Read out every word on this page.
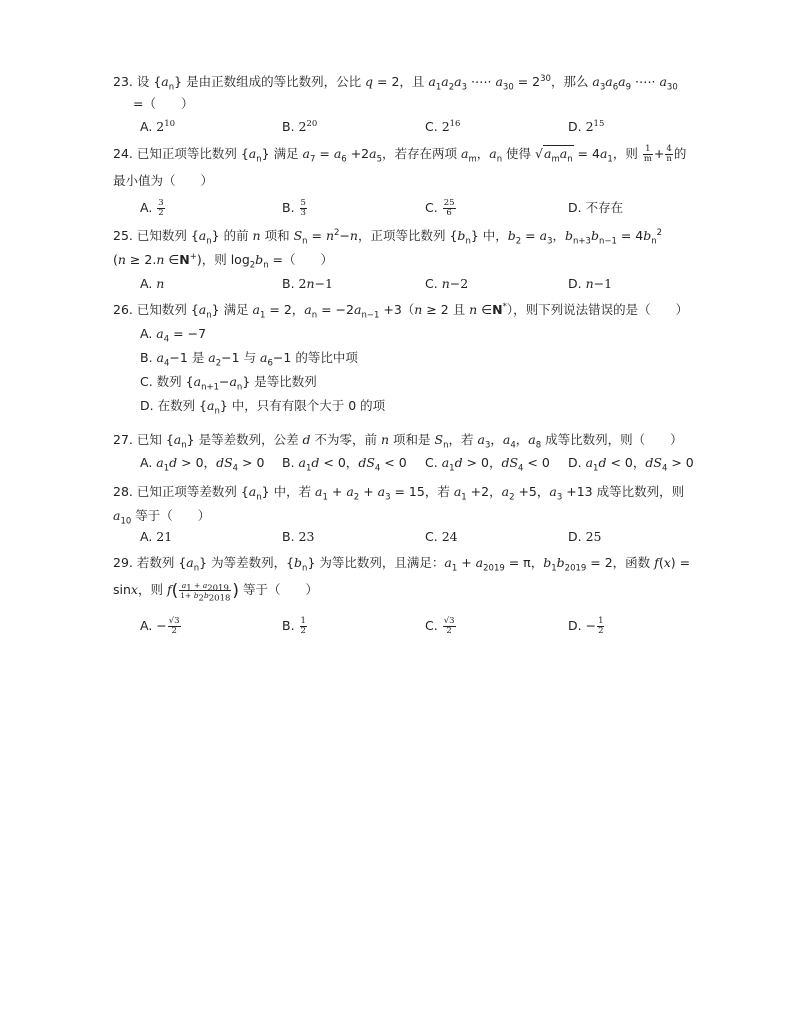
23. 设 $\{a_n\}$ 是由正数组成的等比数列，公比 q = 2，且 $a_1a_2a_3$ ·⋯· $a_{30} = 2^{30}$，那么 $a_3a_6a_9$ ·⋯· $a_{30}$
=（　　）
A. $2^{10}$	B. $2^{20}$	C. $2^{16}$	D. $2^{15}$
24. 已知正项等比数列 $\{a_n\}$ 满足 $a_7 = a_6 +2a_5$，若存在两项 $a_m$，$a_n$ 使得 $√a_ma_n = 4a_1$，则 $\frac{1}{m} + \frac{4}{n}$ 的
最小值为（　　）
A. $\frac{3}{2}$	B. $\frac{5}{3}$	C. $\frac{25}{6}$	D. 不存在
25. 已知数列 $\{a_n\}$ 的前 n 项和 $S_n = n^2-n$，正项等比数列 $\{b_n\}$ 中，$b_2 = a_3$，$b_{n+3}b_{n-1} = 4b_n^2$
(n ≥ 2.n ∈N+)，则 $\log_2b_n$ =（　　）
A. n	B. 2n−1	C. n−2	D. n−1
26. 已知数列 $\{a_n\}$ 满足 $a_1 = 2$，$a_n = -2a_{n-1} +3(n \ge 2$ 且 n ∈N*），则下列说法错误的是（　　）
A. $a_4 = -7$
B. $a_4-1$ 是 $a_2-1$ 与 $a_6-1$ 的等比中项
C. 数列 $\{a_{n+1}-a_n\}$ 是等比数列
D. 在数列 $\{a_n\}$ 中，只有有限个大于 0 的项
27. 已知 $\{a_n\}$ 是等差数列，公差 d 不为零，前 n 项和是 $S_n$，若 $a_3$，$a_4$，$a_8$ 成等比数列，则（　　）
A. $a_1d > 0$，$dS_4 > 0$ B. $a_1d < 0$，$dS_4 < 0$ C. $a_1d > 0$，$dS_4 < 0$ D. $a_1d < 0$，$dS_4 > 0$
28. 已知正项等差数列 $\{a_n\}$ 中，若 $a_1 + a_2 + a_3 = 15$，若 $a_1 +2$，$a_2 +5$，$a_3 +13$ 成等比数列，则
$a_{10}$ 等于（　　）
A. 21	B. 23	C. 24	D. 25
29. 若数列 $\{a_n\}$ 为等差数列，$\{b_n\}$ 为等比数列，且满足：$a_1 + a_{2019} = \pi$，$b_1b_{2019} = 2$，函数 f(x) =
sinx，则 $f( \frac{a_1 + a_{2019}}{1+ b_2b_{2018}}$ ) 等于（　　）
A. − $\frac{√3}{2}$	B. $\frac{1}{2}$	C. $\frac{√3}{2}$	D. − $\frac{1}{2}$
